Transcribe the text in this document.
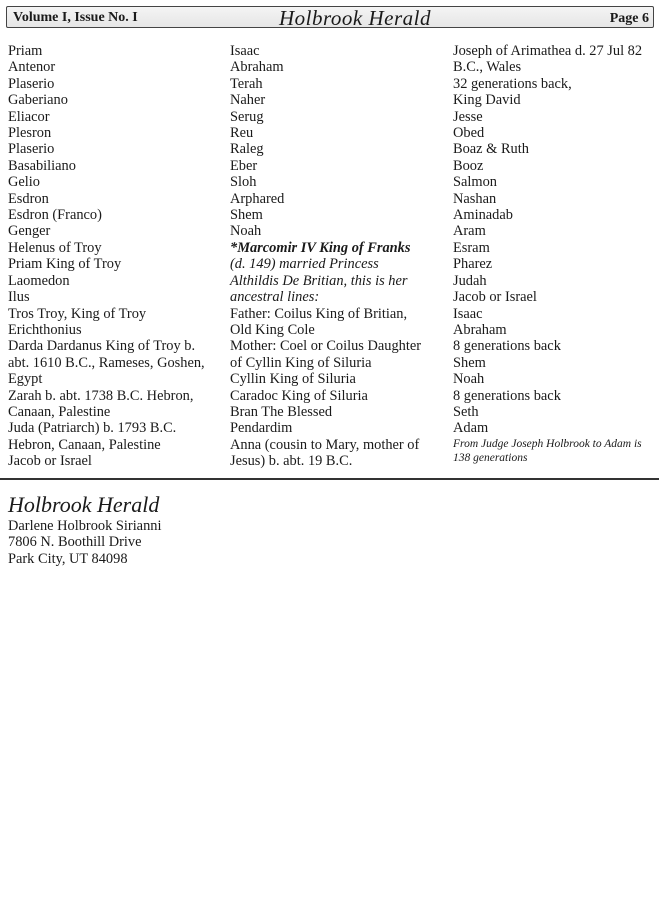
Volume I, Issue No. I	Holbrook Herald	Page 6
Priam
Antenor
Plaserio
Gaberiano
Eliacor
Plesron
Plaserio
Basabiliano
Gelio
Esdron
Esdron (Franco)
Genger
Helenus of Troy
Priam King of Troy
Laomedon
Ilus
Tros Troy, King of Troy
Erichthonius
Darda Dardanus King of Troy b.
abt. 1610 B.C., Rameses, Goshen,
Egypt
Zarah b. abt. 1738 B.C. Hebron,
Canaan, Palestine
Juda (Patriarch) b. 1793 B.C.
Hebron, Canaan, Palestine
Jacob or Israel
Isaac
Abraham
Terah
Naher
Serug
Reu
Raleg
Eber
Sloh
Arphared
Shem
Noah
*Marcomir IV King of Franks
(d. 149) married Princess
Althildis De Britian, this is her
ancestral lines:
Father: Coilus King of Britian,
Old King Cole
Mother: Coel or Coilus Daughter
of Cyllin King of Siluria
Cyllin King of Siluria
Caradoc King of Siluria
Bran The Blessed
Pendardim
Anna (cousin to Mary, mother of
Jesus) b. abt. 19 B.C.
Joseph of Arimathea d. 27 Jul 82
B.C., Wales
32 generations back,
King David
Jesse
Obed
Boaz & Ruth
Booz
Salmon
Nashan
Aminadab
Aram
Esram
Pharez
Judah
Jacob or Israel
Isaac
Abraham
8 generations back
Shem
Noah
8 generations back
Seth
Adam
From Judge Joseph Holbrook to Adam is
138 generations
Holbrook Herald
Darlene Holbrook Sirianni
7806 N. Boothill Drive
Park City, UT 84098
